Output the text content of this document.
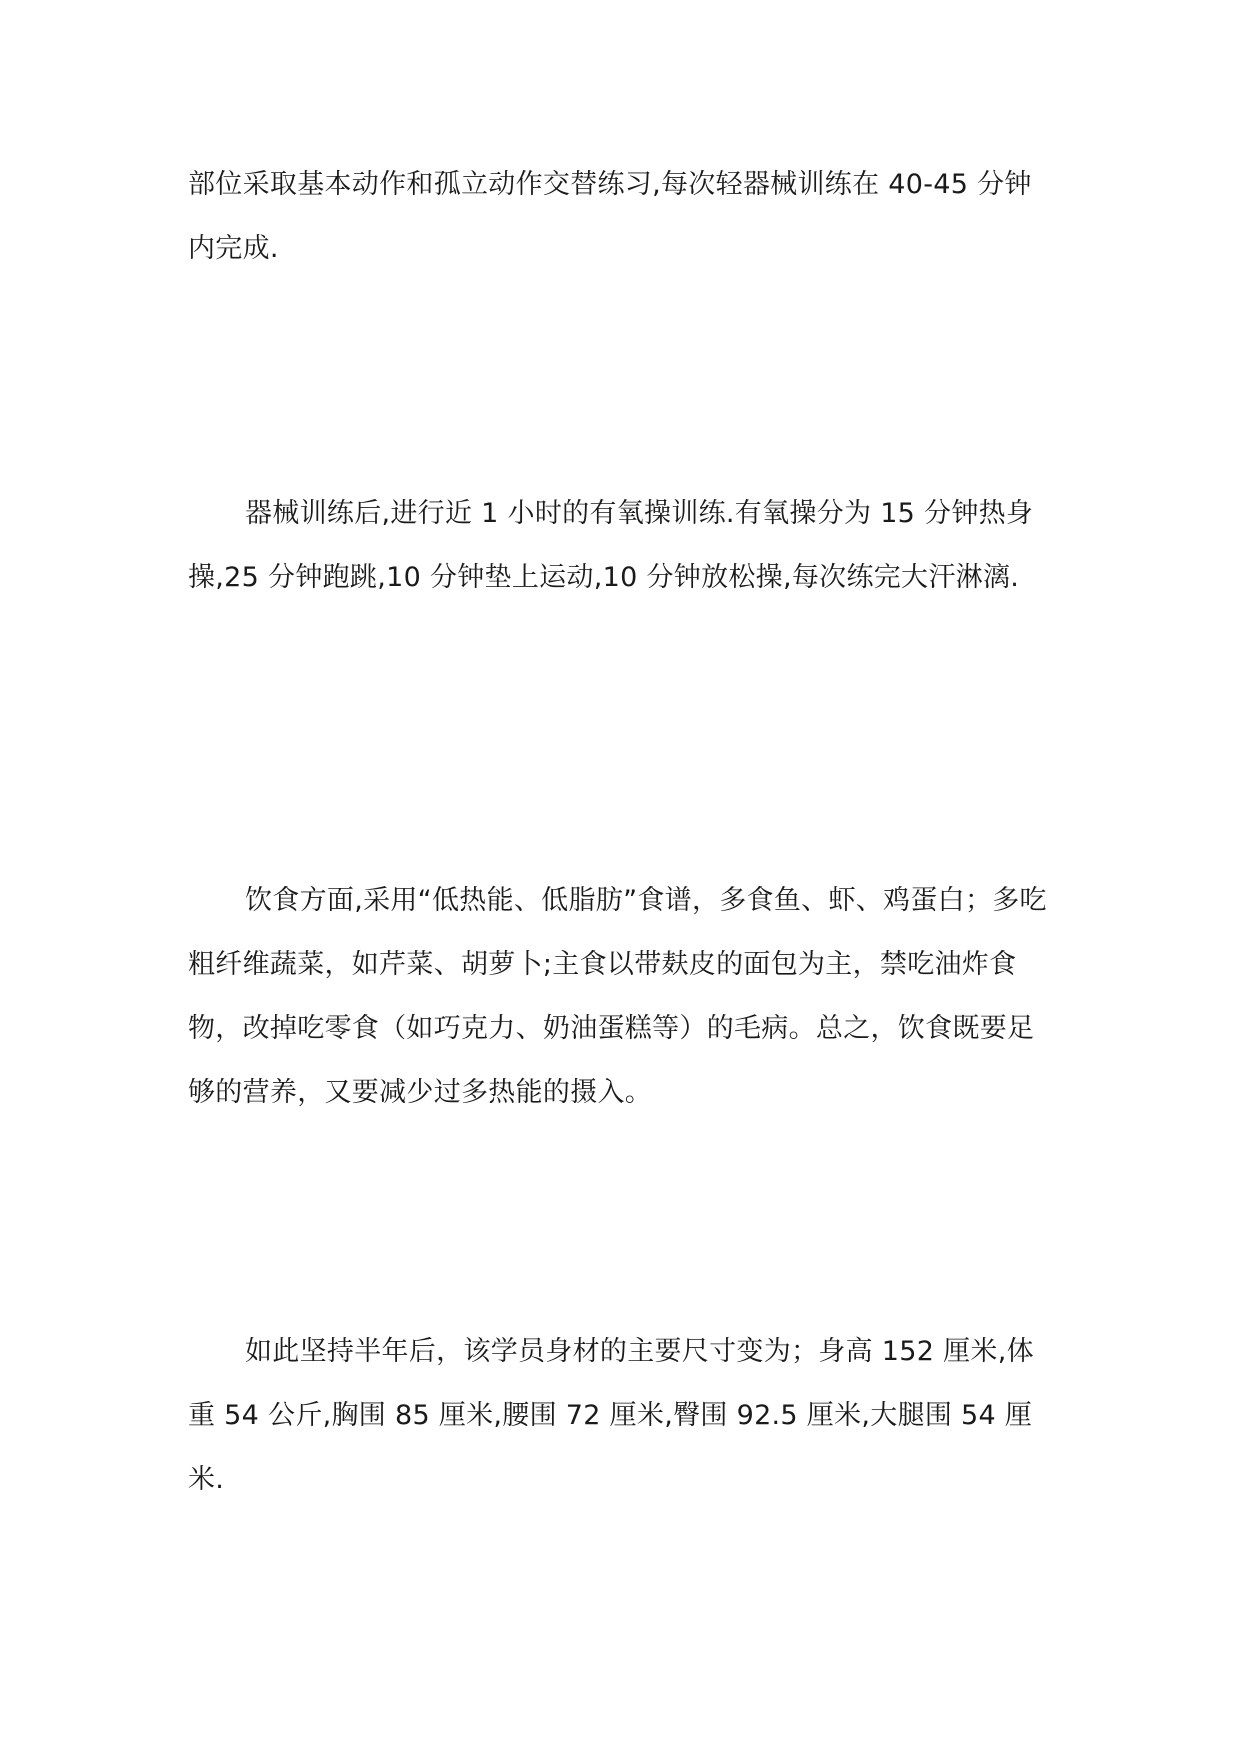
部位采取基本动作和孤立动作交替练习,每次轻器械训练在 40-45 分钟内完成.

器械训练后,进行近 1 小时的有氧操训练.有氧操分为 15 分钟热身操,25 分钟跑跳,10 分钟垫上运动,10 分钟放松操,每次练完大汗淋漓.

饮食方面,采用“低热能、低脂肪”食谱，多食鱼、虾、鸡蛋白；多吃粗纤维蔬菜，如芹菜、胡萝卜;主食以带麸皮的面包为主，禁吃油炸食物，改掉吃零食（如巧克力、奶油蛋糕等）的毛病。总之，饮食既要足够的营养，又要减少过多热能的摄入。

如此坚持半年后，该学员身材的主要尺寸变为；身高 152 厘米,体重 54 公斤,胸围 85 厘米,腰围 72 厘米,臀围 92.5 厘米,大腿围 54 厘米.
